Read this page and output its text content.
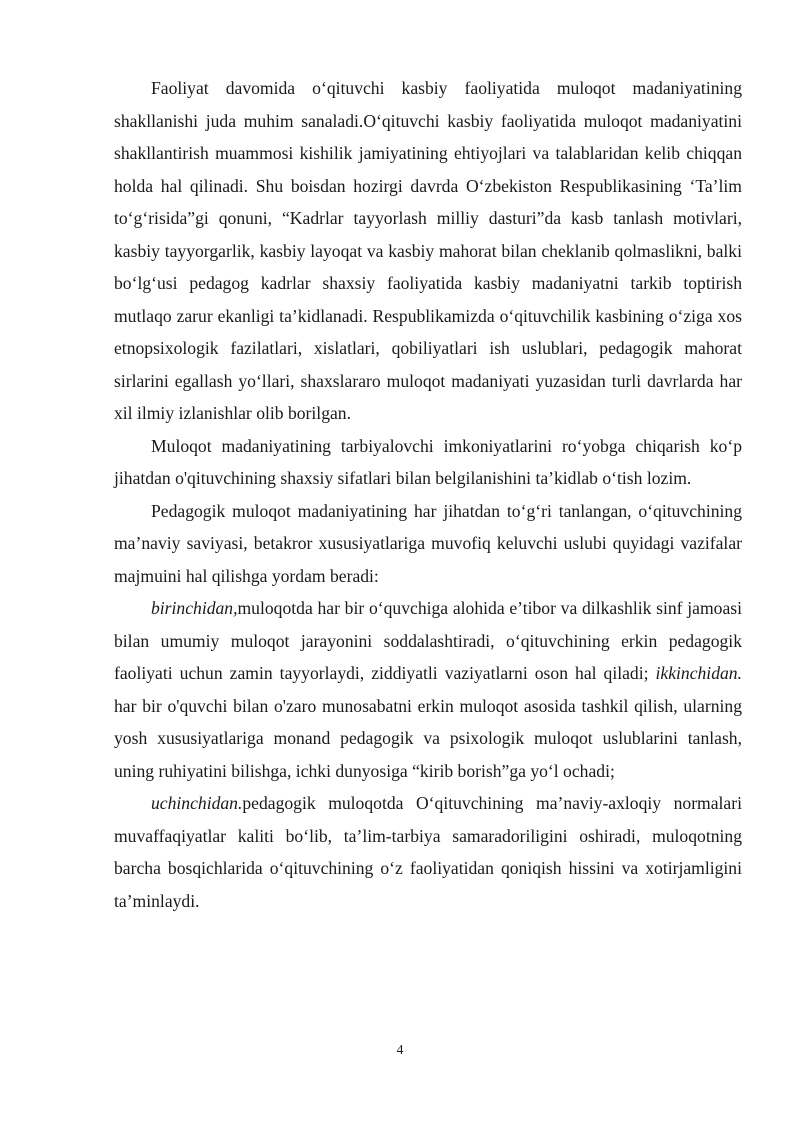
Faoliyat davomida o‘qituvchi kasbiy faoliyatida muloqot madaniyatining shakllanishi juda muhim sanaladi.O‘qituvchi kasbiy faoliyatida muloqot madaniyatini shakllantirish muammosi kishilik jamiyatining ehtiyojlari va talablaridan kelib chiqqan holda hal qilinadi. Shu boisdan hozirgi davrda O‘zbekiston Respublikasining ‘Ta’lim to‘g‘risida”gi qonuni, “Kadrlar tayyorlash milliy dasturi”da kasb tanlash motivlari, kasbiy tayyorgarlik, kasbiy layoqat va kasbiy mahorat bilan cheklanib qolmaslikni, balki bo‘lg‘usi pedagog kadrlar shaxsiy faoliyatida kasbiy madaniyatni tarkib toptirish mutlaqo zarur ekanligi ta’kidlanadi. Respublikamizda o‘qituvchilik kasbining o‘ziga xos etnopsixologik fazilatlari, xislatlari, qobiliyatlari ish uslublari, pedagogik mahorat sirlarini egallash yo‘llari, shaxslararo muloqot madaniyati yuzasidan turli davrlarda har xil ilmiy izlanishlar olib borilgan.

Muloqot madaniyatining tarbiyalovchi imkoniyatlarini ro‘yobga chiqarish ko‘p jihatdan o'qituvchining shaxsiy sifatlari bilan belgilanishini ta’kidlab o‘tish lozim.

Pedagogik muloqot madaniyatining har jihatdan to‘g‘ri tanlangan, o‘qituvchining ma’naviy saviyasi, betakror xususiyatlariga muvofiq keluvchi uslubi quyidagi vazifalar majmuini hal qilishga yordam beradi:

birinchidan,muloqotda har bir o‘quvchiga alohida e’tibor va dilkashlik sinf jamoasi bilan umumiy muloqot jarayonini soddalashtiradi, o‘qituvchining erkin pedagogik faoliyati uchun zamin tayyorlaydi, ziddiyatli vaziyatlarni oson hal qiladi; ikkinchidan. har bir o'quvchi bilan o'zaro munosabatni erkin muloqot asosida tashkil qilish, ularning yosh xususiyatlariga monand pedagogik va psixologik muloqot uslublarini tanlash, uning ruhiyatini bilishga, ichki dunyosiga “kirib borish”ga yo‘l ochadi;

uchinchidan.pedagogik muloqotda O‘qituvchining ma’naviy-axloqiy normalari muvaffaqiyatlar kaliti bo‘lib, ta’lim-tarbiya samaradoriligini oshiradi, muloqotning barcha bosqichlarida o‘qituvchining o‘z faoliyatidan qoniqish hissini va xotirjamligini ta’minlaydi.

4
